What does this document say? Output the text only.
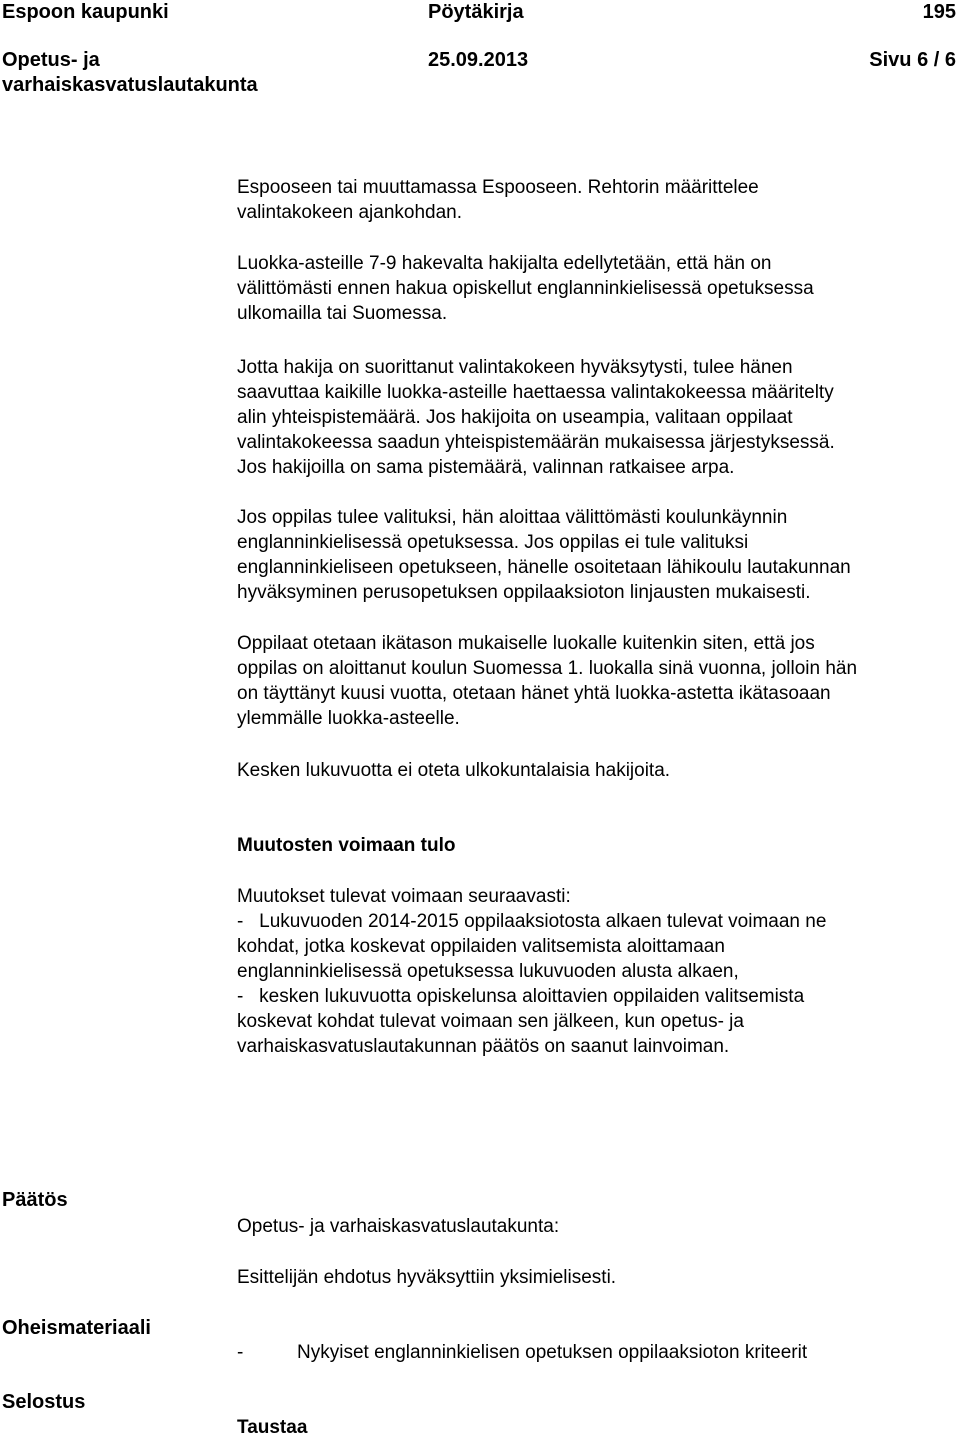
Espoon kaupunki	Pöytäkirja	195
Opetus- ja
varhaiskasvatuslautakunta
25.09.2013	Sivu 6 / 6
Espooseen tai muuttamassa Espooseen. Rehtorin määrittelee
valintakokeen ajankohdan.
Luokka-asteille 7-9 hakevalta hakijalta edellytetään, että hän on
välittömästi ennen hakua opiskellut englanninkielisessä opetuksessa
ulkomailla tai Suomessa.
Jotta hakija on suorittanut valintakokeen hyväksytysti, tulee hänen
saavuttaa kaikille luokka-asteille haettaessa valintakokeessa määritelty
alin yhteispistemäärä. Jos hakijoita on useampia, valitaan oppilaat
valintakokeessa saadun yhteispistemäärän mukaisessa järjestyksessä.
Jos hakijoilla on sama pistemäärä, valinnan ratkaisee arpa.
Jos oppilas tulee valituksi, hän aloittaa välittömästi koulunkäynnin
englanninkielisessä opetuksessa. Jos oppilas ei tule valituksi
englanninkieliseen opetukseen, hänelle osoitetaan lähikoulu lautakunnan
hyväksyminen perusopetuksen oppilaaksioton linjausten mukaisesti.
Oppilaat otetaan ikätason mukaiselle luokalle kuitenkin siten, että jos
oppilas on aloittanut koulun Suomessa 1. luokalla sinä vuonna, jolloin hän
on täyttänyt kuusi vuotta, otetaan hänet yhtä luokka-astetta ikätasoaan
ylemmälle luokka-asteelle.
Kesken lukuvuotta ei oteta ulkokuntalaisia hakijoita.
Muutosten voimaan tulo
Muutokset tulevat voimaan seuraavasti:
-   Lukuvuoden 2014-2015 oppilaaksiotosta alkaen tulevat voimaan ne
kohdat, jotka koskevat oppilaiden valitsemista aloittamaan
englanninkielisessä opetuksessa lukuvuoden alusta alkaen,
-   kesken lukuvuotta opiskelunsa aloittavien oppilaiden valitsemista
koskevat kohdat tulevat voimaan sen jälkeen, kun opetus- ja
varhaiskasvatuslautakunnan päätös on saanut lainvoiman.
Päätös
Opetus- ja varhaiskasvatuslautakunta:
Esittelijän ehdotus hyväksyttiin yksimielisesti.
Oheismateriaali
-	Nykyiset englanninkielisen opetuksen oppilaaksioton kriteerit
Selostus
Taustaa
